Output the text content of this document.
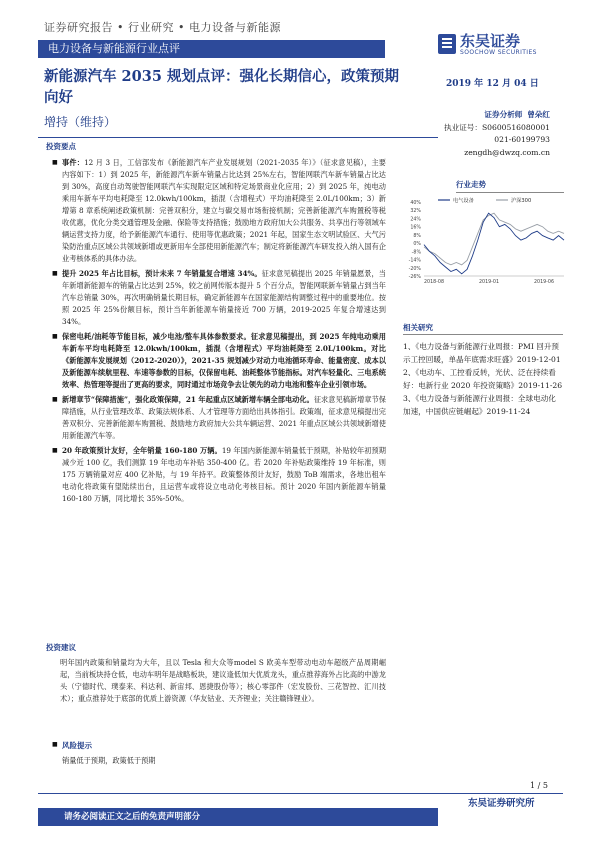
证券研究报告 • 行业研究 • 电力设备与新能源
电力设备与新能源行业点评	东吴证券
SOOCHOW SECURITIES
新能源汽车 2035 规划点评：强化长期信心，政策预期向好
增持（维持）
2019 年 12 月 04 日
证券分析师 曾朵红
执业证号：S0600516080001
021-60199793
zengdh@dwzq.com.cn
投资要点
■ 事件：12 月 3 日，工信部发布《新能源汽车产业发展规划（2021-2035 年）》（征求意见稿），主要内容如下：1）到 2025 年，新能源汽车新车销量占比达到 25%左右，智能网联汽车新车销量占比达到 30%，高度自动驾驶智能网联汽车实现限定区域和特定场景商业化应用；2）到 2025 年，纯电动乘用车新车平均电耗降至 12.0kwh/100km，插混（含增程式）平均油耗降至 2.0L/100km；3）新增第 8 章系统阐述政策机制：完善双积分，建立与碳交易市场衔接机制；完善新能源汽车购置税等税收优惠，优化分类交通管理及金融、保险等支持措施；鼓励地方政府加大公共服务、共享出行等领域车辆运营支持力度，给予新能源汽车通行、使用等优惠政策；2021 年起，国家生态文明试验区、大气污染防治重点区域公共领域新增或更新用车全部使用新能源汽车；制定将新能源汽车研发投入纳入国有企业考核体系的具体办法。
■ 提升 2025 年占比目标，预计未来 7 年销量复合增速 34%。征求意见稿提出 2025 年销量愿景，当年新增新能源车的销量占比达到 25%，较之前网传版本提升 5 个百分点，智能网联新车销量占到当年汽车总销量 30%，再次明确销量长期目标，确定新能源车在国家能源结构调整过程中的重要地位。按照 2025 年 25%份额目标，预计当年新能源车销量接近 700 万辆，2019-2025 年复合增速达到 34%。
■ 保密电耗/油耗等节能目标，减少电池/整车具体参数要求。征求意见稿提出，到 2025 年纯电动乘用车新车平均电耗降至 12.0kwh/100km，插混（含增程式）平均油耗降至 2.0L/100km。对比《新能源车发展规划（2012-2020）》，2021-35 规划减少对动力电池循环寿命、能量密度、成本以及新能源车续航里程、车速等参数的目标，仅保留电耗、油耗整体节能指标。对汽车轻量化、三电系统效率、热管理等提出了更高的要求，同时通过市场竞争去让领先的动力电池和整车企业引领市场。
■ 新增章节“保障措施”，强化政策保障，21 年起重点区域新增车辆全部电动化。征求意见稿新增章节保障措施，从行业管理改革、政策法规体系、人才管理等方面给出具体指引。政策端，征求意见稿提出完善双积分、完善新能源车购置税、鼓励地方政府加大公共车辆运营、2021 年重点区域公共领域新增使用新能源汽车等。
■ 20 年政策预计友好，全年销量 160-180 万辆。19 年国内新能源车销量低于预期，补贴较年初预期减少近 100 亿，我们测算 19 年电动车补贴 350-400 亿。若 2020 年补贴政策维持 19 年标准，则 175 万辆销量对应 400 亿补贴，与 19 年持平。政策整体预计友好，鼓励 ToB 端需求，各地出租车电动化将政策有望陆续出台，且运营车或将设立电动化考核目标。预计 2020 年国内新能源车销量 160-180 万辆，同比增长 35%-50%。
投资建议
明年国内政策和销量均为大年，且以 Tesla 和大众等model S 欧美车型带动电动车超级产品周期崛起，当前板块持仓低，电动车明年是战略板块，建议逢低加大优质龙头，重点推荐海外占比高的中游龙头（宁德时代、璞泰来、科达利、新宙邦、恩捷股份等）；核心零部件（宏发股份、三花智控、汇川技术）；重点推荐处于底部的优质上游资源（华友钴业、天齐锂业；关注赣锋锂业）。
■ 风险提示
销量低于预期，政策低于预期
行业走势
40%
32%
24%
16%
8%
0%
-8%
-14%
-20%
-26%
2018-08	2019-01	2019-06
电气设备	沪深300
相关研究

1、《电力设备与新能源行业周报：PMI 回升预示工控回暖，单晶年底需求旺盛》2019-12-01

2、《电动车、工控看反转，光伏、泛在持续看好：电新行业 2020 年投资策略》2019-11-26

3、《电力设备与新能源行业周报：全球电动化加速，中国供应链崛起》2019-11-24

1 / 5
东吴证券研究所
请务必阅读正文之后的免责声明部分
